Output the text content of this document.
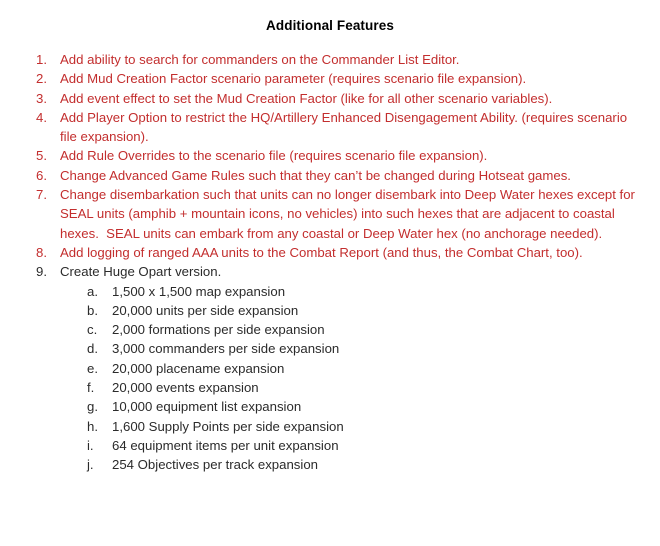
Additional Features
1. Add ability to search for commanders on the Commander List Editor.
2. Add Mud Creation Factor scenario parameter (requires scenario file expansion).
3. Add event effect to set the Mud Creation Factor (like for all other scenario variables).
4. Add Player Option to restrict the HQ/Artillery Enhanced Disengagement Ability. (requires scenario file expansion).
5. Add Rule Overrides to the scenario file (requires scenario file expansion).
6. Change Advanced Game Rules such that they can’t be changed during Hotseat games.
7. Change disembarkation such that units can no longer disembark into Deep Water hexes except for SEAL units (amphib + mountain icons, no vehicles) into such hexes that are adjacent to coastal hexes.  SEAL units can embark from any coastal or Deep Water hex (no anchorage needed).
8. Add logging of ranged AAA units to the Combat Report (and thus, the Combat Chart, too).
9. Create Huge Opart version.
a.	1,500 x 1,500 map expansion
b.	20,000 units per side expansion
c.	2,000 formations per side expansion
d.	3,000 commanders per side expansion
e.	20,000 placename expansion
f.	20,000 events expansion
g.	10,000 equipment list expansion
h.	1,600 Supply Points per side expansion
i.	64 equipment items per unit expansion
j.	254 Objectives per track expansion
